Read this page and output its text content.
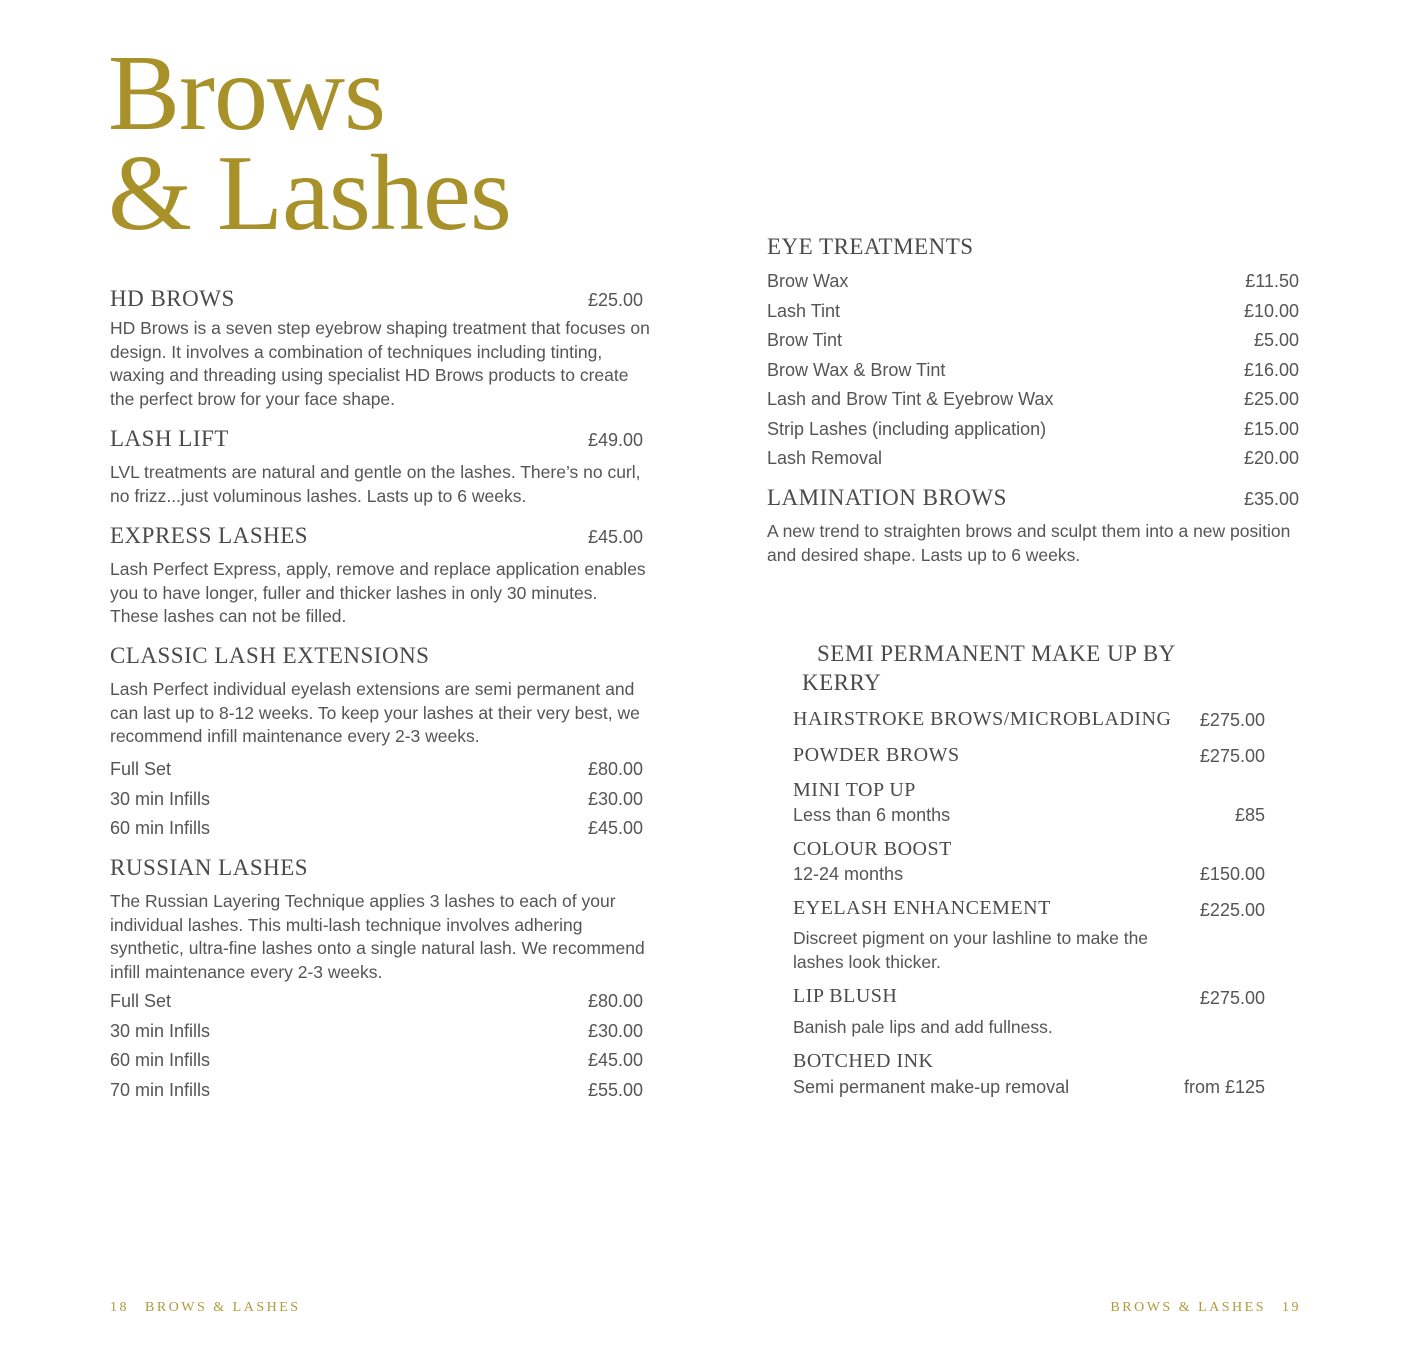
Brows
& Lashes
HD BROWS	£25.00
HD Brows is a seven step eyebrow shaping treatment that focuses on design. It involves a combination of techniques including tinting, waxing and threading using specialist HD Brows products to create the perfect brow for your face shape.
LASH LIFT	£49.00
LVL treatments are natural and gentle on the lashes. There’s no curl, no frizz...just voluminous lashes. Lasts up to 6 weeks.
EXPRESS LASHES	£45.00
Lash Perfect Express, apply, remove and replace application enables you to have longer, fuller and thicker lashes in only 30 minutes. These lashes can not be filled.
CLASSIC LASH EXTENSIONS
Lash Perfect individual eyelash extensions are semi permanent and can last up to 8-12 weeks. To keep your lashes at their very best, we recommend infill maintenance every 2-3 weeks.
Full Set	£80.00
30 min Infills	£30.00
60 min Infills	£45.00
RUSSIAN LASHES
The Russian Layering Technique applies 3 lashes to each of your individual lashes. This multi-lash technique involves adhering synthetic, ultra-fine lashes onto a single natural lash. We recommend infill maintenance every 2-3 weeks.
Full Set	£80.00
30 min Infills	£30.00
60 min Infills	£45.00
70 min Infills	£55.00
EYE TREATMENTS
Brow Wax	£11.50
Lash Tint	£10.00
Brow Tint	£5.00
Brow Wax & Brow Tint	£16.00
Lash and Brow Tint & Eyebrow Wax	£25.00
Strip Lashes (including application)	£15.00
Lash Removal	£20.00
LAMINATION BROWS	£35.00
A new trend to straighten brows and sculpt them into a new position and desired shape. Lasts up to 6 weeks.
SEMI PERMANENT MAKE UP BY
KERRY
HAIRSTROKE BROWS/MICROBLADING £275.00
POWDER BROWS	£275.00
MINI TOP UP
Less than 6 months	£85
COLOUR BOOST
12-24 months	£150.00
EYELASH ENHANCEMENT	£225.00
Discreet pigment on your lashline to make the lashes look thicker.
LIP BLUSH	£275.00
Banish pale lips and add fullness.
BOTCHED INK
Semi permanent make-up removal	from £125
18 BROWS & LASHES	BROWS & LASHES 19
